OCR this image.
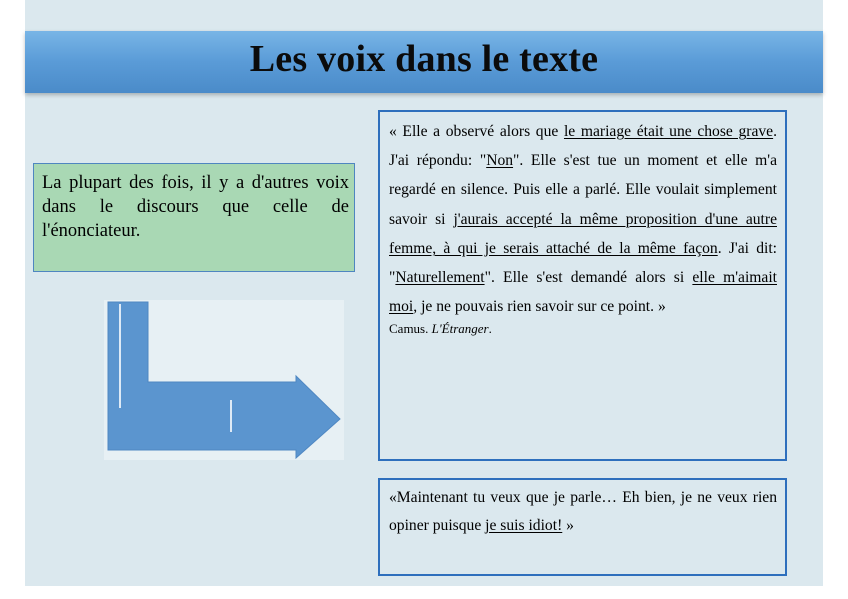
Les voix dans le texte
La plupart des fois, il y a d'autres voix dans le discours que celle de l'énonciateur.
« Elle a observé alors que le mariage était une chose grave. J'ai répondu: "Non". Elle s'est tue un moment et elle m'a regardé en silence. Puis elle a parlé. Elle voulait simplement savoir si j'aurais accepté la même proposition d'une autre femme, à qui je serais attaché de la même façon. J'ai dit: "Naturellement". Elle s'est demandé alors si elle m'aimait moi, je ne pouvais rien savoir sur ce point. »
Camus. L'Étranger.
«Maintenant tu veux que je parle… Eh bien, je ne veux rien opiner puisque je suis idiot! »
